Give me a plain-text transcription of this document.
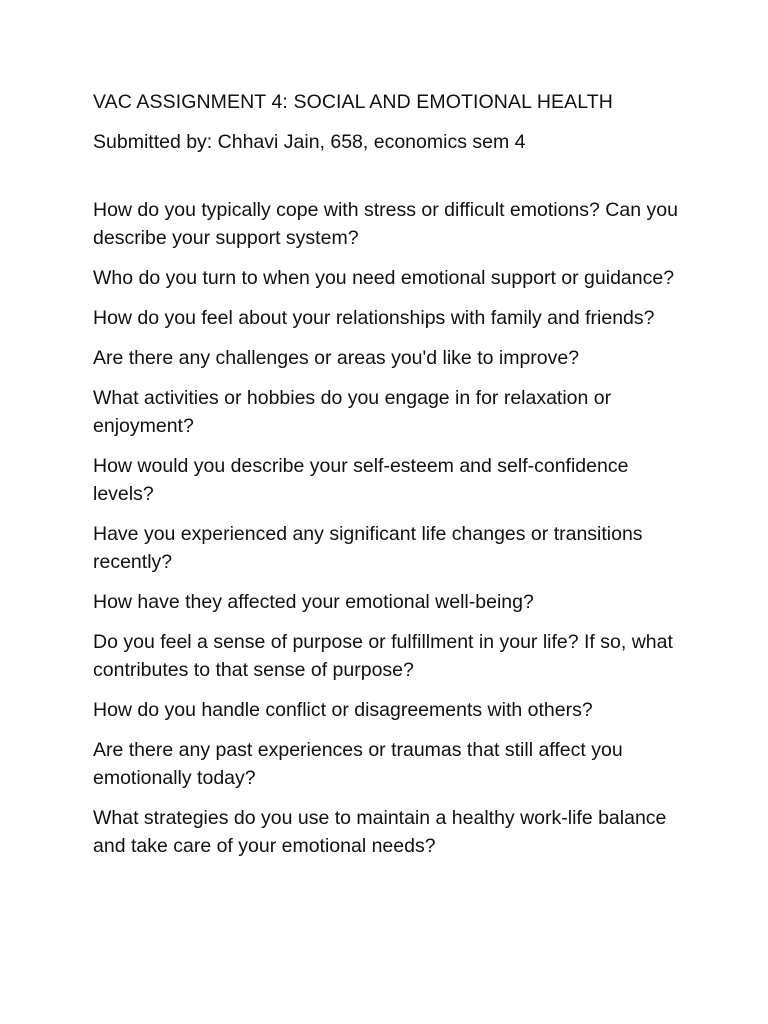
VAC ASSIGNMENT 4: SOCIAL AND EMOTIONAL HEALTH

Submitted by: Chhavi Jain, 658, economics sem 4

How do you typically cope with stress or difficult emotions? Can you describe your support system?
Who do you turn to when you need emotional support or guidance?
How do you feel about your relationships with family and friends?
Are there any challenges or areas you'd like to improve?
What activities or hobbies do you engage in for relaxation or enjoyment?
How would you describe your self-esteem and self-confidence levels?
Have you experienced any significant life changes or transitions recently?
How have they affected your emotional well-being?
Do you feel a sense of purpose or fulfillment in your life? If so, what contributes to that sense of purpose?
How do you handle conflict or disagreements with others?
Are there any past experiences or traumas that still affect you emotionally today?
What strategies do you use to maintain a healthy work-life balance and take care of your emotional needs?
